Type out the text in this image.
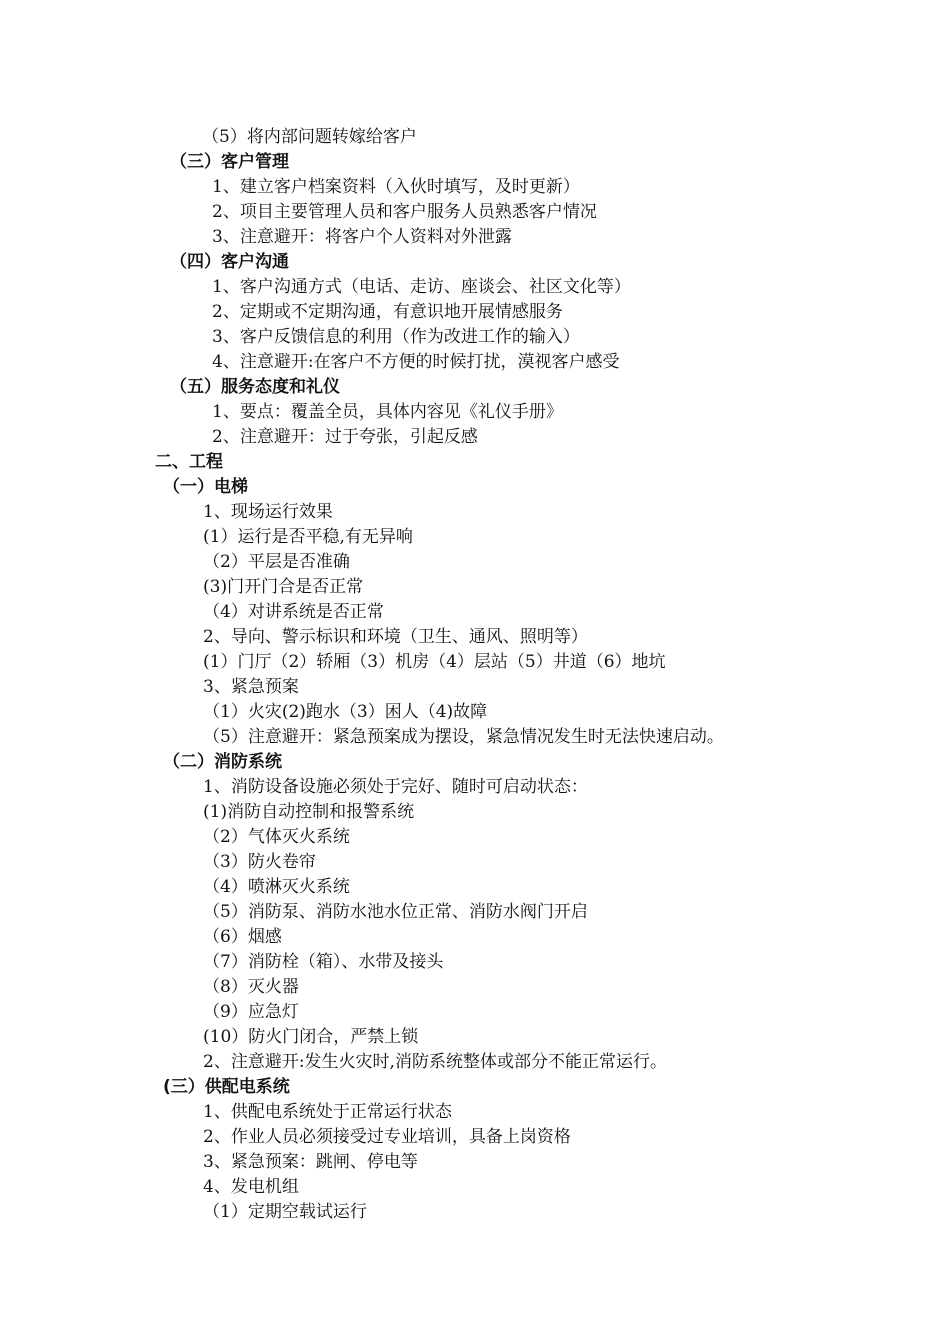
（5）将内部问题转嫁给客户
（三）客户管理
1、建立客户档案资料（入伙时填写，及时更新）
2、项目主要管理人员和客户服务人员熟悉客户情况
3、注意避开：将客户个人资料对外泄露
（四）客户沟通
1、客户沟通方式（电话、走访、座谈会、社区文化等）
2、定期或不定期沟通，有意识地开展情感服务
3、客户反馈信息的利用（作为改进工作的输入）
4、注意避开:在客户不方便的时候打扰，漠视客户感受
（五）服务态度和礼仪
1、要点：覆盖全员，具体内容见《礼仪手册》
2、注意避开：过于夸张，引起反感
二、工程
（一）电梯
1、现场运行效果
(1）运行是否平稳,有无异响
（2）平层是否准确
(3)门开门合是否正常
（4）对讲系统是否正常
2、导向、警示标识和环境（卫生、通风、照明等）
(1）门厅（2）轿厢（3）机房（4）层站（5）井道（6）地坑
3、紧急预案
（1）火灾(2)跑水（3）困人（4)故障
（5）注意避开：紧急预案成为摆设，紧急情况发生时无法快速启动。
（二）消防系统
1、消防设备设施必须处于完好、随时可启动状态：
(1)消防自动控制和报警系统
（2）气体灭火系统
（3）防火卷帘
（4）喷淋灭火系统
（5）消防泵、消防水池水位正常、消防水阀门开启
（6）烟感
（7）消防栓（箱）、水带及接头
（8）灭火器
（9）应急灯
(10）防火门闭合，严禁上锁
2、注意避开:发生火灾时,消防系统整体或部分不能正常运行。
(三）供配电系统
1、供配电系统处于正常运行状态
2、作业人员必须接受过专业培训，具备上岗资格
3、紧急预案：跳闸、停电等
4、发电机组
（1）定期空载试运行
